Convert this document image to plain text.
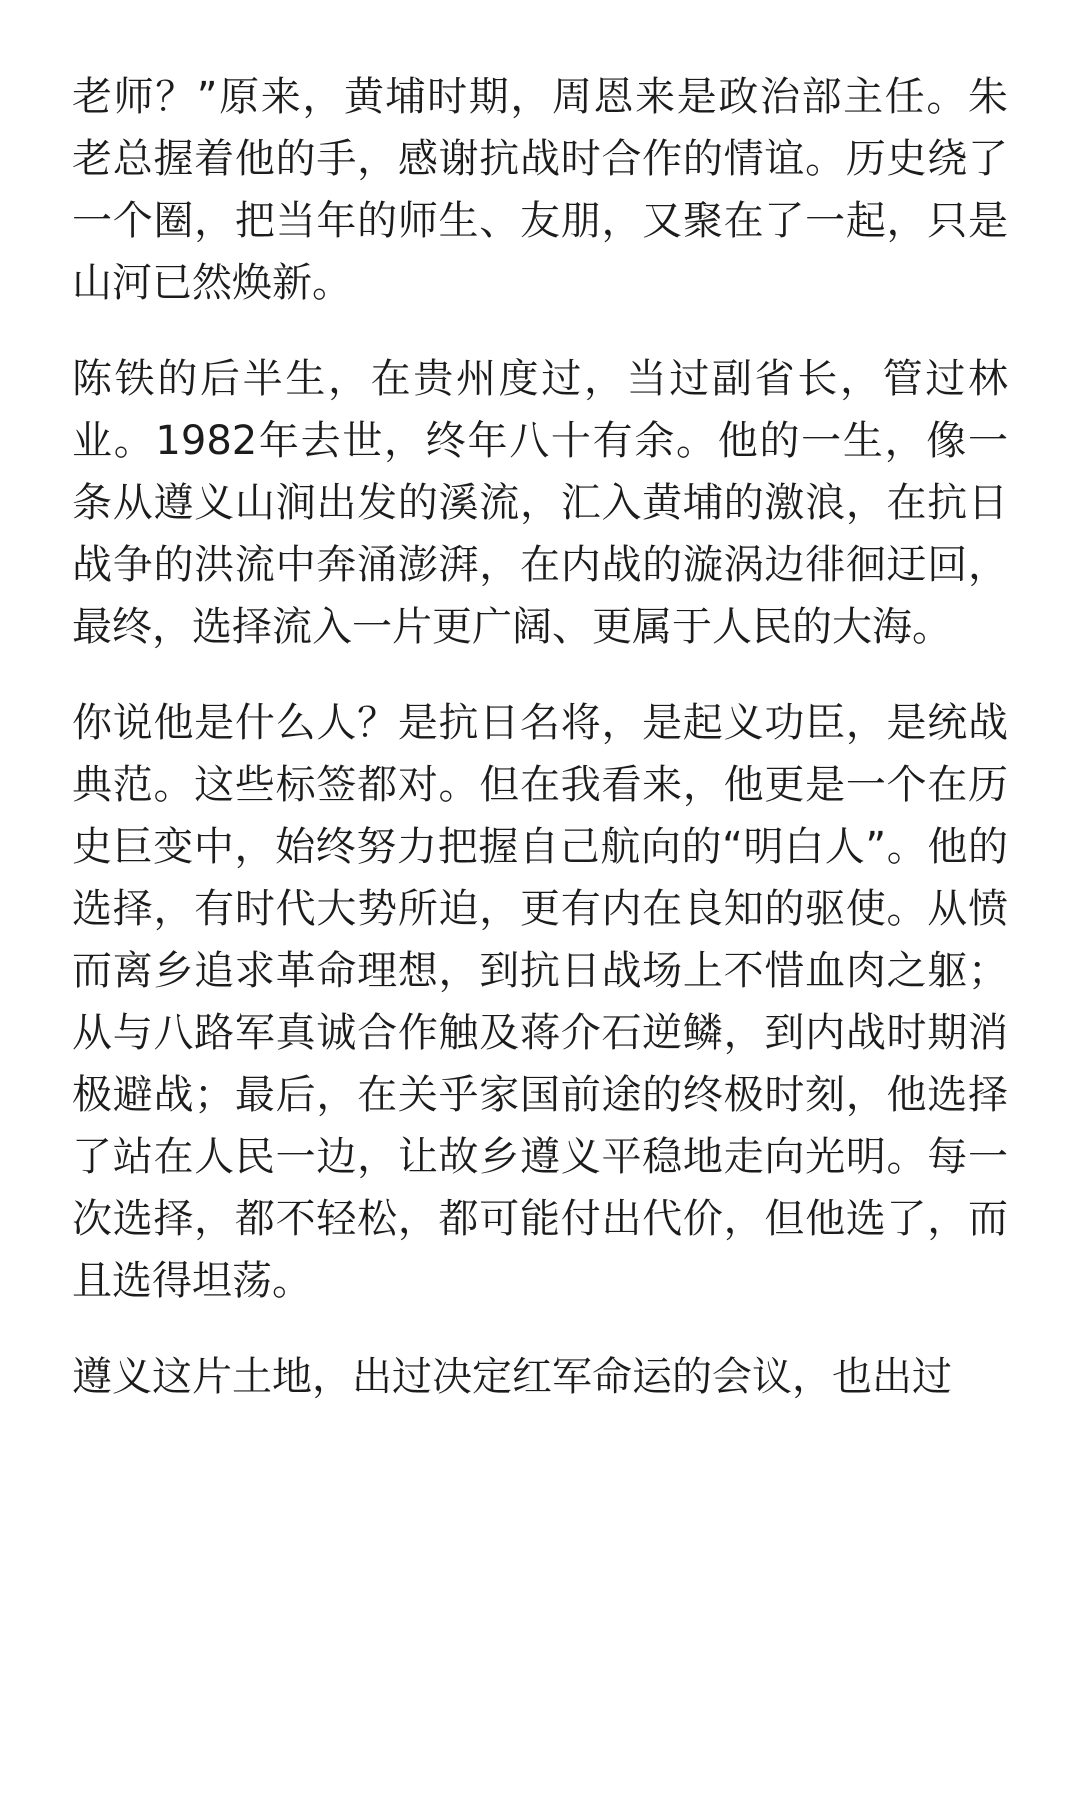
老师？”原来，黄埔时期，周恩来是政治部主任。朱老总握着他的手，感谢抗战时合作的情谊。历史绕了一个圈，把当年的师生、友朋，又聚在了一起，只是山河已然焕新。

陈铁的后半生，在贵州度过，当过副省长，管过林业。1982年去世，终年八十有余。他的一生，像一条从遵义山涧出发的溪流，汇入黄埔的激浪，在抗日战争的洪流中奔涌澎湃，在内战的漩涡边徘徊迂回，最终，选择流入一片更广阔、更属于人民的大海。

你说他是什么人？是抗日名将，是起义功臣，是统战典范。这些标签都对。但在我看来，他更是一个在历史巨变中，始终努力把握自己航向的“明白人”。他的选择，有时代大势所迫，更有内在良知的驱使。从愤而离乡追求革命理想，到抗日战场上不惜血肉之躯；从与八路军真诚合作触及蒋介石逆鳞，到内战时期消极避战；最后，在关乎家国前途的终极时刻，他选择了站在人民一边，让故乡遵义平稳地走向光明。每一次选择，都不轻松，都可能付出代价，但他选了，而且选得坦荡。

遵义这片土地，出过决定红军命运的会议，也出过
